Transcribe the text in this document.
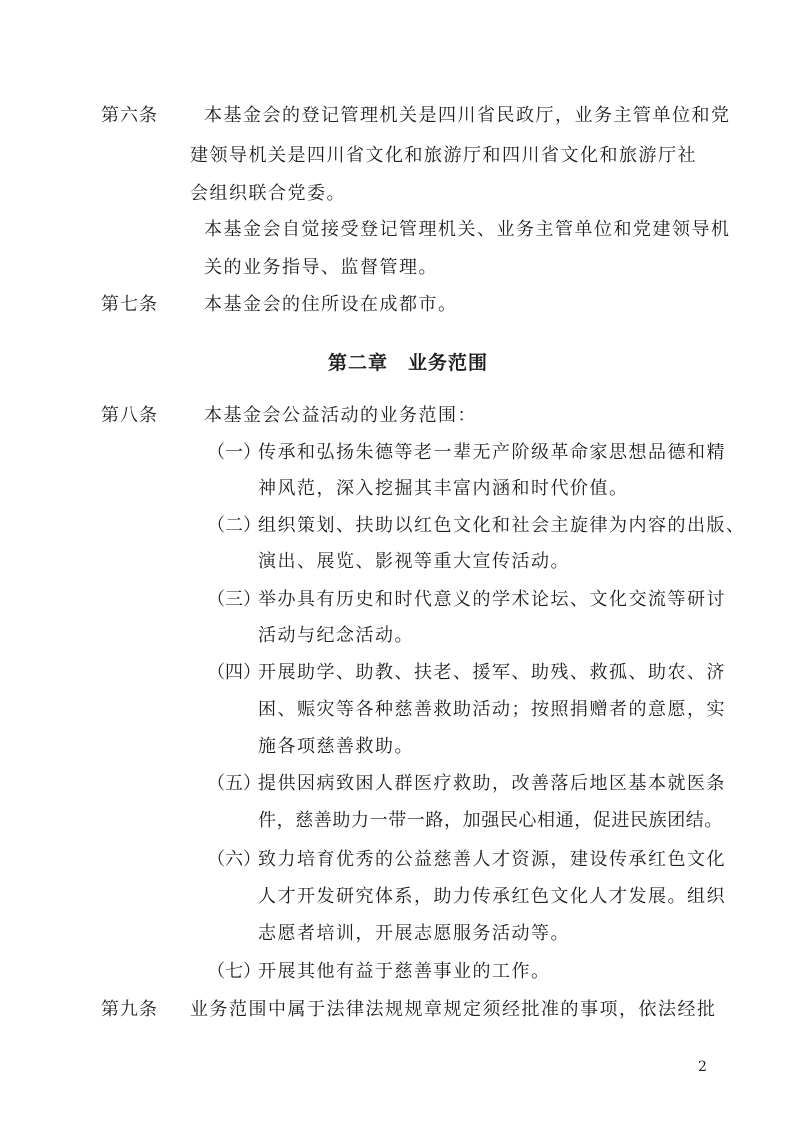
第六条	本基金会的登记管理机关是四川省民政厅，业务主管单位和党
建领导机关是四川省文化和旅游厅和四川省文化和旅游厅社
会组织联合党委。
本基金会自觉接受登记管理机关、业务主管单位和党建领导机
关的业务指导、监督管理。
第七条	本基金会的住所设在成都市。
第二章 业务范围
第八条	本基金会公益活动的业务范围：
（一）
传承和弘扬朱德等老一辈无产阶级革命家思想品德和精
神风范，深入挖掘其丰富内涵和时代价值。
（二）
组织策划、扶助以红色文化和社会主旋律为内容的出版、
演出、展览、影视等重大宣传活动。
（三）
举办具有历史和时代意义的学术论坛、文化交流等研讨
活动与纪念活动。
（四）
开展助学、助教、扶老、援军、助残、救孤、助农、济
困、赈灾等各种慈善救助活动；按照捐赠者的意愿，实
施各项慈善救助。
（五）
提供因病致困人群医疗救助，改善落后地区基本就医条
件，慈善助力一带一路，加强民心相通，促进民族团结。
（六）
致力培育优秀的公益慈善人才资源，建设传承红色文化
人才开发研究体系，助力传承红色文化人才发展。组织
志愿者培训，开展志愿服务活动等。
（七）
开展其他有益于慈善事业的工作。
第九条 业务范围中属于法律法规规章规定须经批准的事项，依法经批
2
